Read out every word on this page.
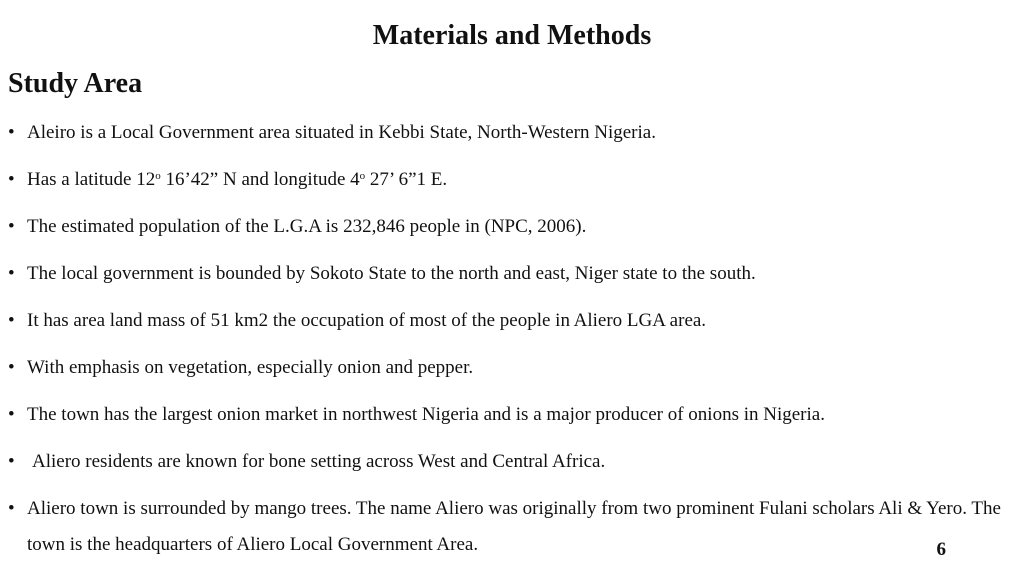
Materials and Methods
Study Area
• Aleiro is a Local Government area situated in Kebbi State, North-Western Nigeria.
• Has a latitude 12$^o$ 16’42” N and longitude 4$^o$ 27’ 6”1 E.
• The estimated population of the L.G.A is 232,846 people in (NPC, 2006).
• The local government is bounded by Sokoto State to the north and east, Niger state to the south.
• It has area land mass of 51 km2 the occupation of most of the people in Aliero LGA area.
• With emphasis on vegetation, especially onion and pepper.
• The town has the largest onion market in northwest Nigeria and is a major producer of onions in Nigeria.
• Aliero residents are known for bone setting across West and Central Africa.
• Aliero town is surrounded by mango trees. The name Aliero was originally from two prominent Fulani scholars Ali & Yero. The town is the headquarters of Aliero Local Government Area.	6
